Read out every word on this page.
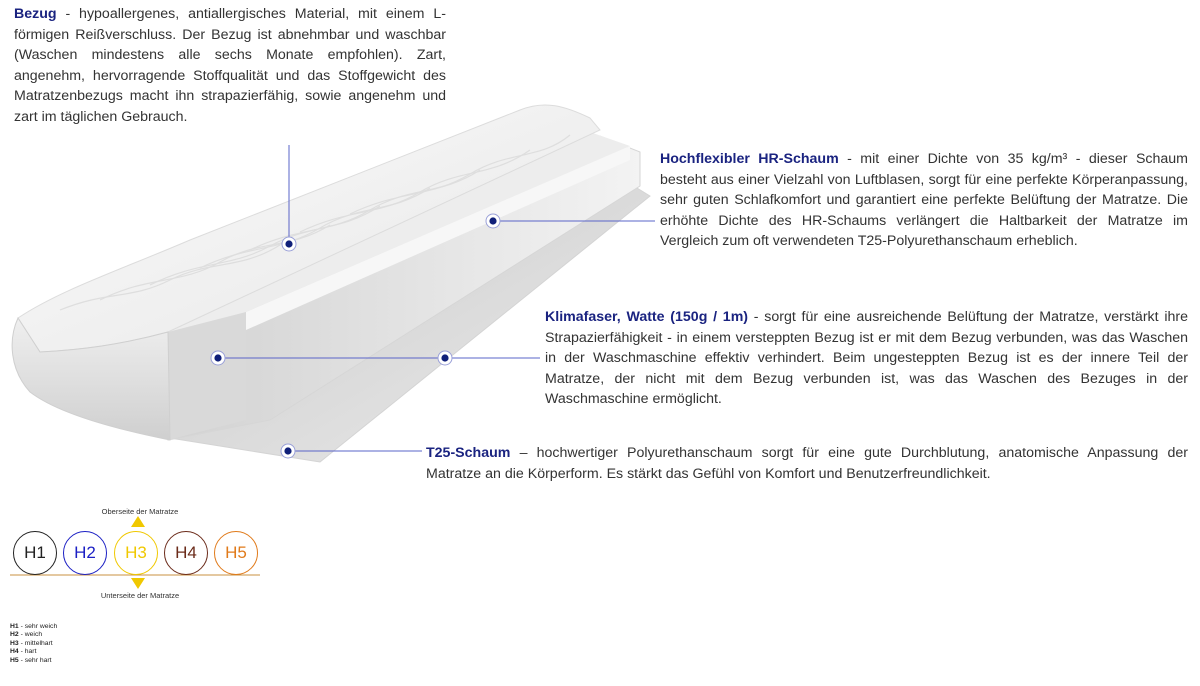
Bezug - hypoallergenes, antiallergisches Material, mit einem L-förmigen Reißverschluss. Der Bezug ist abnehmbar und waschbar (Waschen mindestens alle sechs Monate empfohlen). Zart, angenehm, hervorragende Stoffqualität und das Stoffgewicht des Matratzenbezugs macht ihn strapazierfähig, sowie angenehm und zart im täglichen Gebrauch.
Hochflexibler HR-Schaum - mit einer Dichte von 35 kg/m³ - dieser Schaum besteht aus einer Vielzahl von Luftblasen, sorgt für eine perfekte Körperanpassung, sehr guten Schlafkomfort und garantiert eine perfekte Belüftung der Matratze. Die erhöhte Dichte des HR-Schaums verlängert die Haltbarkeit der Matratze im Vergleich zum oft verwendeten T25-Polyurethanschaum erheblich.
Klimafaser, Watte (150g / 1m) - sorgt für eine ausreichende Belüftung der Matratze, verstärkt ihre Strapazierfähigkeit - in einem versteppten Bezug ist er mit dem Bezug verbunden, was das Waschen in der Waschmaschine effektiv verhindert. Beim ungesteppten Bezug ist es der innere Teil der Matratze, der nicht mit dem Bezug verbunden ist, was das Waschen des Bezuges in der Waschmaschine ermöglicht.
T25-Schaum – hochwertiger Polyurethanschaum sorgt für eine gute Durchblutung, anatomische Anpassung der Matratze an die Körperform. Es stärkt das Gefühl von Komfort und Benutzerfreundlichkeit.
Oberseite der Matratze
Unterseite der Matratze
H1 H2 H3 H4 H5
H1 - sehr weich
H2 - weich
H3 - mittelhart
H4 - hart
H5 - sehr hart
